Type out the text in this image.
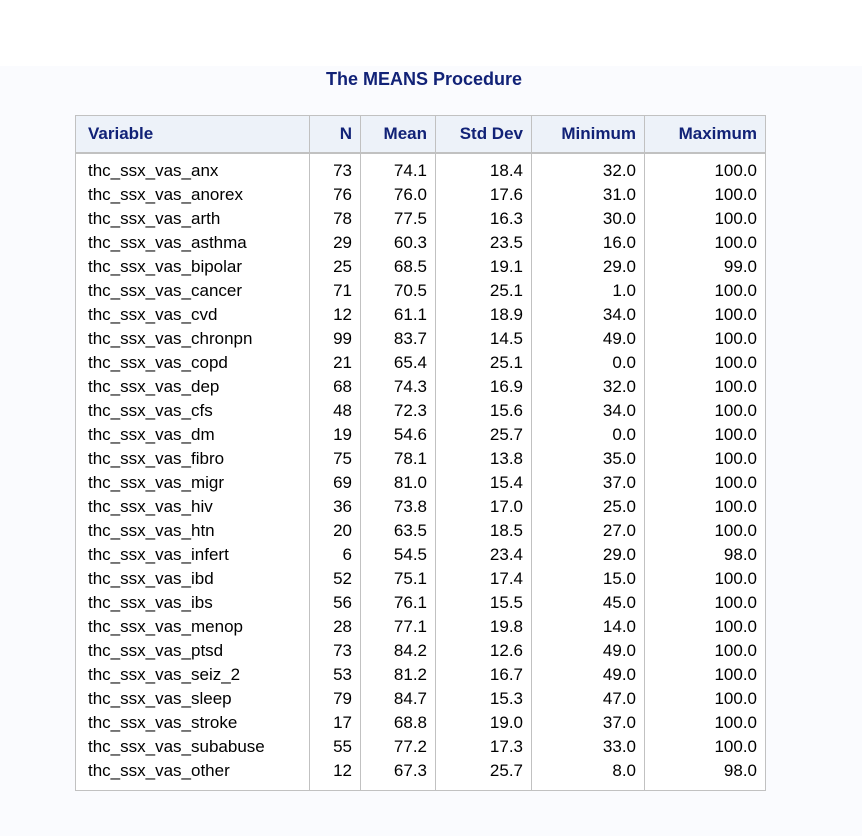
The MEANS Procedure
Variable	N	Mean	Std Dev	Minimum	Maximum
thc_ssx_vas_anx	73	74.1	18.4	32.0	100.0
thc_ssx_vas_anorex	76	76.0	17.6	31.0	100.0
thc_ssx_vas_arth	78	77.5	16.3	30.0	100.0
thc_ssx_vas_asthma	29	60.3	23.5	16.0	100.0
thc_ssx_vas_bipolar	25	68.5	19.1	29.0	99.0
thc_ssx_vas_cancer	71	70.5	25.1	1.0	100.0
thc_ssx_vas_cvd	12	61.1	18.9	34.0	100.0
thc_ssx_vas_chronpn	99	83.7	14.5	49.0	100.0
thc_ssx_vas_copd	21	65.4	25.1	0.0	100.0
thc_ssx_vas_dep	68	74.3	16.9	32.0	100.0
thc_ssx_vas_cfs	48	72.3	15.6	34.0	100.0
thc_ssx_vas_dm	19	54.6	25.7	0.0	100.0
thc_ssx_vas_fibro	75	78.1	13.8	35.0	100.0
thc_ssx_vas_migr	69	81.0	15.4	37.0	100.0
thc_ssx_vas_hiv	36	73.8	17.0	25.0	100.0
thc_ssx_vas_htn	20	63.5	18.5	27.0	100.0
thc_ssx_vas_infert	6	54.5	23.4	29.0	98.0
thc_ssx_vas_ibd	52	75.1	17.4	15.0	100.0
thc_ssx_vas_ibs	56	76.1	15.5	45.0	100.0
thc_ssx_vas_menop	28	77.1	19.8	14.0	100.0
thc_ssx_vas_ptsd	73	84.2	12.6	49.0	100.0
thc_ssx_vas_seiz_2	53	81.2	16.7	49.0	100.0
thc_ssx_vas_sleep	79	84.7	15.3	47.0	100.0
thc_ssx_vas_stroke	17	68.8	19.0	37.0	100.0
thc_ssx_vas_subabuse	55	77.2	17.3	33.0	100.0
thc_ssx_vas_other	12	67.3	25.7	8.0	98.0
